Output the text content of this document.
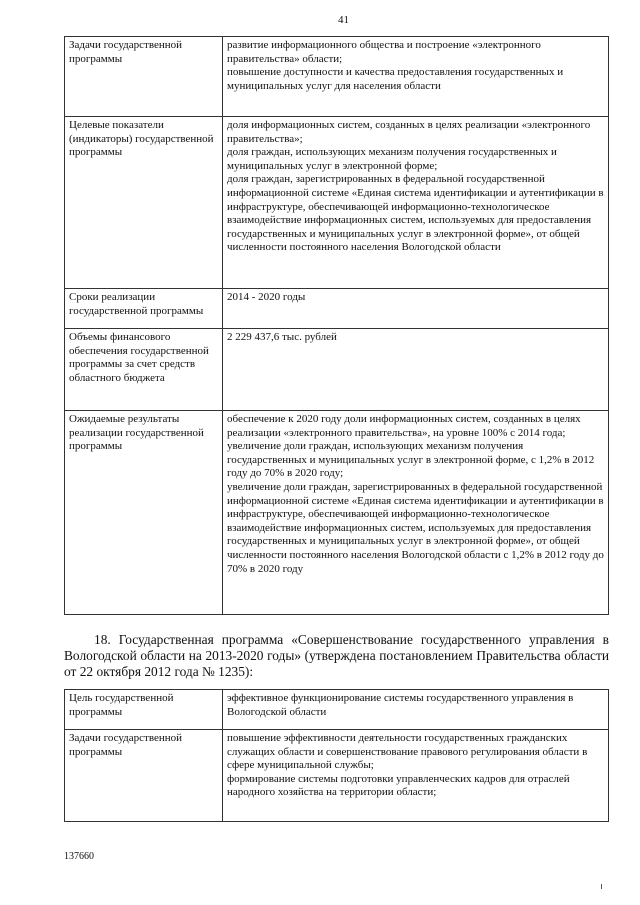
41
Задачи государственной программы	развитие информационного общества и построение «электронного правительства» области;
повышение доступности и качества предоставления государственных и муниципальных услуг для населения области

Целевые показатели (индикаторы) государственной программы	доля информационных систем, созданных в целях реализации «электронного правительства»;
доля граждан, использующих механизм получения государственных и муниципальных услуг в электронной форме;
доля граждан, зарегистрированных в федеральной государственной информационной системе «Единая система идентификации и аутентификации в инфраструктуре, обеспечивающей информационно-технологическое взаимодействие информационных систем, используемых для предоставления государственных и муниципальных услуг в электронной форме», от общей численности постоянного населения Вологодской области

Сроки реализации государственной программы	2014 - 2020 годы

Объемы финансового обеспечения государственной программы за счет средств областного бюджета	2 229 437,6 тыс. рублей

Ожидаемые результаты реализации государственной программы	обеспечение к 2020 году доли информационных систем, созданных в целях реализации «электронного правительства», на уровне 100% с 2014 года;
увеличение доли граждан, использующих механизм получения государственных и муниципальных услуг в электронной форме, с 1,2% в 2012 году до 70% в 2020 году;
увеличение доли граждан, зарегистрированных в федеральной государственной информационной системе «Единая система идентификации и аутентификации в инфраструктуре, обеспечивающей информационно-технологическое взаимодействие информационных систем, используемых для предоставления государственных и муниципальных услуг в электронной форме», от общей численности постоянного населения Вологодской области с 1,2% в 2012 году до 70% в 2020 году
18. Государственная программа «Совершенствование государственного управления в Вологодской области на 2013-2020 годы» (утверждена постановлением Правительства области от 22 октября 2012 года № 1235):
Цель государственной программы	эффективное функционирование системы государственного управления в Вологодской области

Задачи государственной программы	повышение эффективности деятельности государственных гражданских служащих области и совершенствование правового регулирования области в сфере муниципальной службы;
формирование системы подготовки управленческих кадров для отраслей народного хозяйства на территории области;
137660
